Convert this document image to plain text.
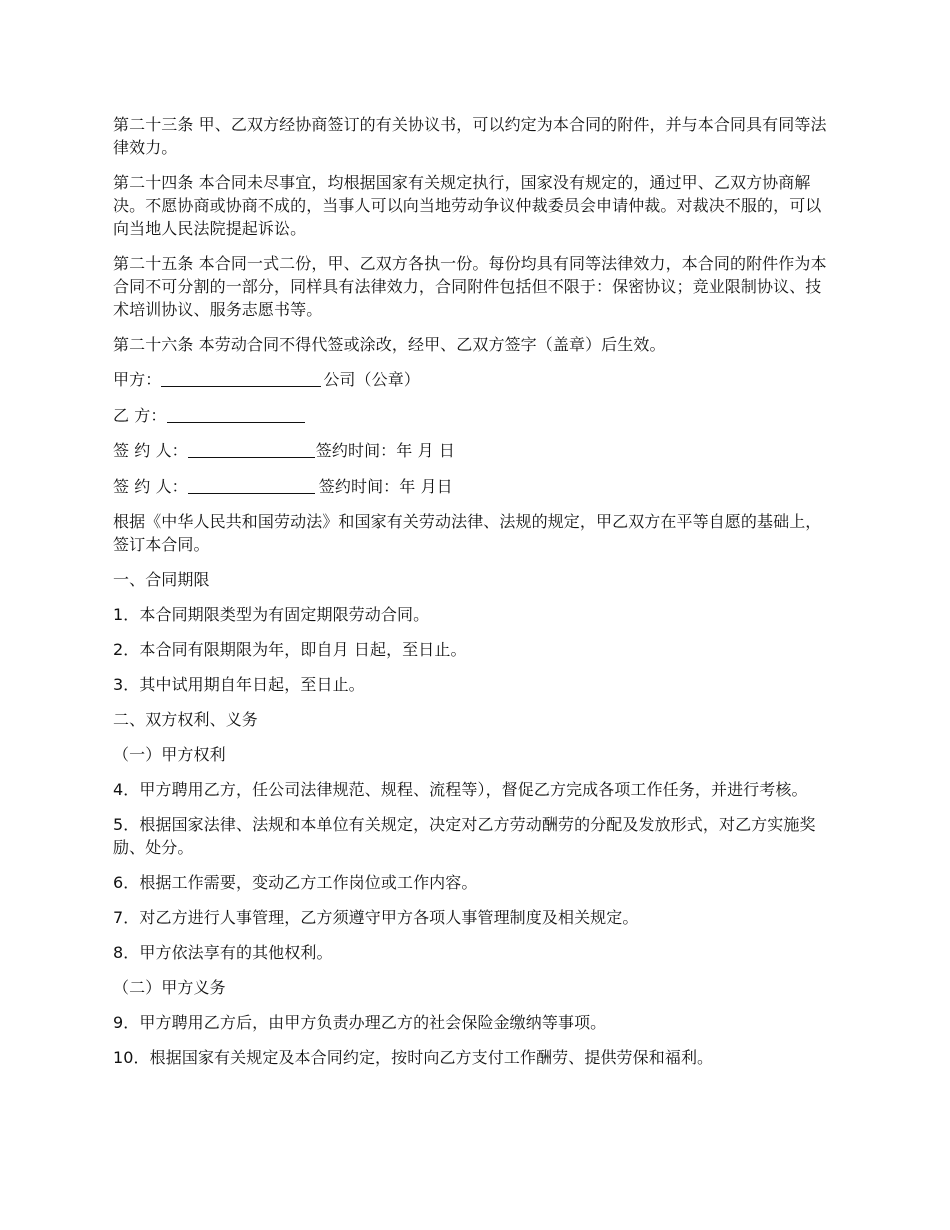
第二十三条 甲、乙双方经协商签订的有关协议书，可以约定为本合同的附件，并与本合同具有同等法律效力。

第二十四条 本合同未尽事宜，均根据国家有关规定执行，国家没有规定的，通过甲、乙双方协商解决。不愿协商或协商不成的，当事人可以向当地劳动争议仲裁委员会申请仲裁。对裁决不服的，可以向当地人民法院提起诉讼。

第二十五条 本合同一式二份，甲、乙双方各执一份。每份均具有同等法律效力，本合同的附件作为本合同不可分割的一部分，同样具有法律效力，合同附件包括但不限于：保密协议；竞业限制协议、技术培训协议、服务志愿书等。

第二十六条 本劳动合同不得代签或涂改，经甲、乙双方签字（盖章）后生效。

甲方：	公司（公章）
乙 方：
签 约 人：	签约时间：年 月 日
签 约 人：	签约时间：年 月日

根据《中华人民共和国劳动法》和国家有关劳动法律、法规的规定，甲乙双方在平等自愿的基础上，签订本合同。

一、合同期限

1．本合同期限类型为有固定期限劳动合同。

2．本合同有限期限为年，即自月 日起，至日止。

3．其中试用期自年日起，至日止。

二、双方权利、义务

（一）甲方权利

4．甲方聘用乙方，任公司法律规范、规程、流程等），督促乙方完成各项工作任务，并进行考核。

5．根据国家法律、法规和本单位有关规定，决定对乙方劳动酬劳的分配及发放形式，对乙方实施奖励、处分。

6．根据工作需要，变动乙方工作岗位或工作内容。

7．对乙方进行人事管理，乙方须遵守甲方各项人事管理制度及相关规定。

8．甲方依法享有的其他权利。

（二）甲方义务

9．甲方聘用乙方后，由甲方负责办理乙方的社会保险金缴纳等事项。

10．根据国家有关规定及本合同约定，按时向乙方支付工作酬劳、提供劳保和福利。
